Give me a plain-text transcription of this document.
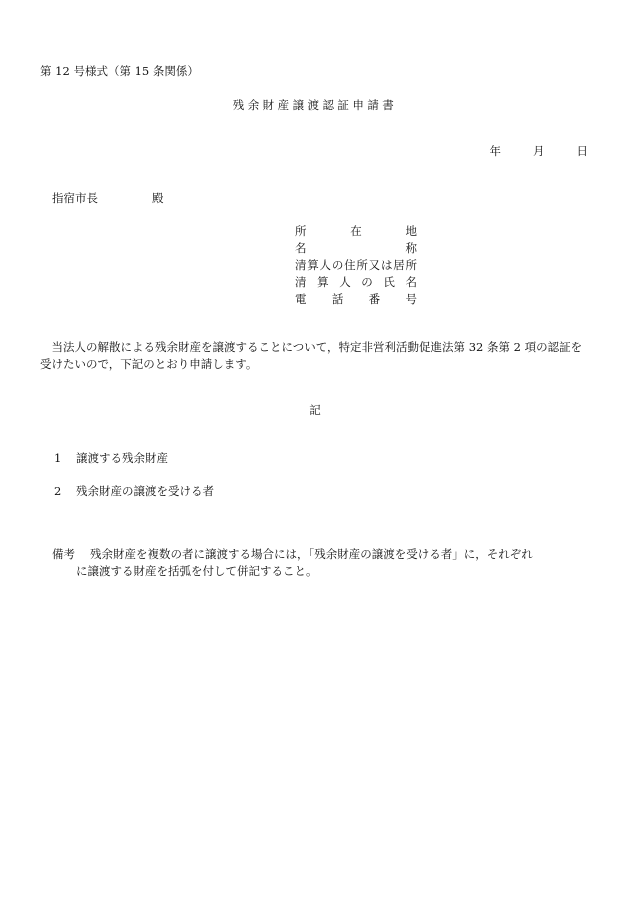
第 12 号様式（第 15 条関係）
残余財産譲渡認証申請書
年	月	日
指宿市長	殿
所在地
名称
清算人の住所又は居所
清算人の氏名
電話番号
当法人の解散による残余財産を譲渡することについて，特定非営利活動促進法第 32 条第 2 項の認証を受けたいので，下記のとおり申請します。
記
1 譲渡する残余財産
2 残余財産の譲渡を受ける者
備考 残余財産を複数の者に譲渡する場合には，「残余財産の譲渡を受ける者」に，それぞれ
に譲渡する財産を括弧を付して併記すること。
